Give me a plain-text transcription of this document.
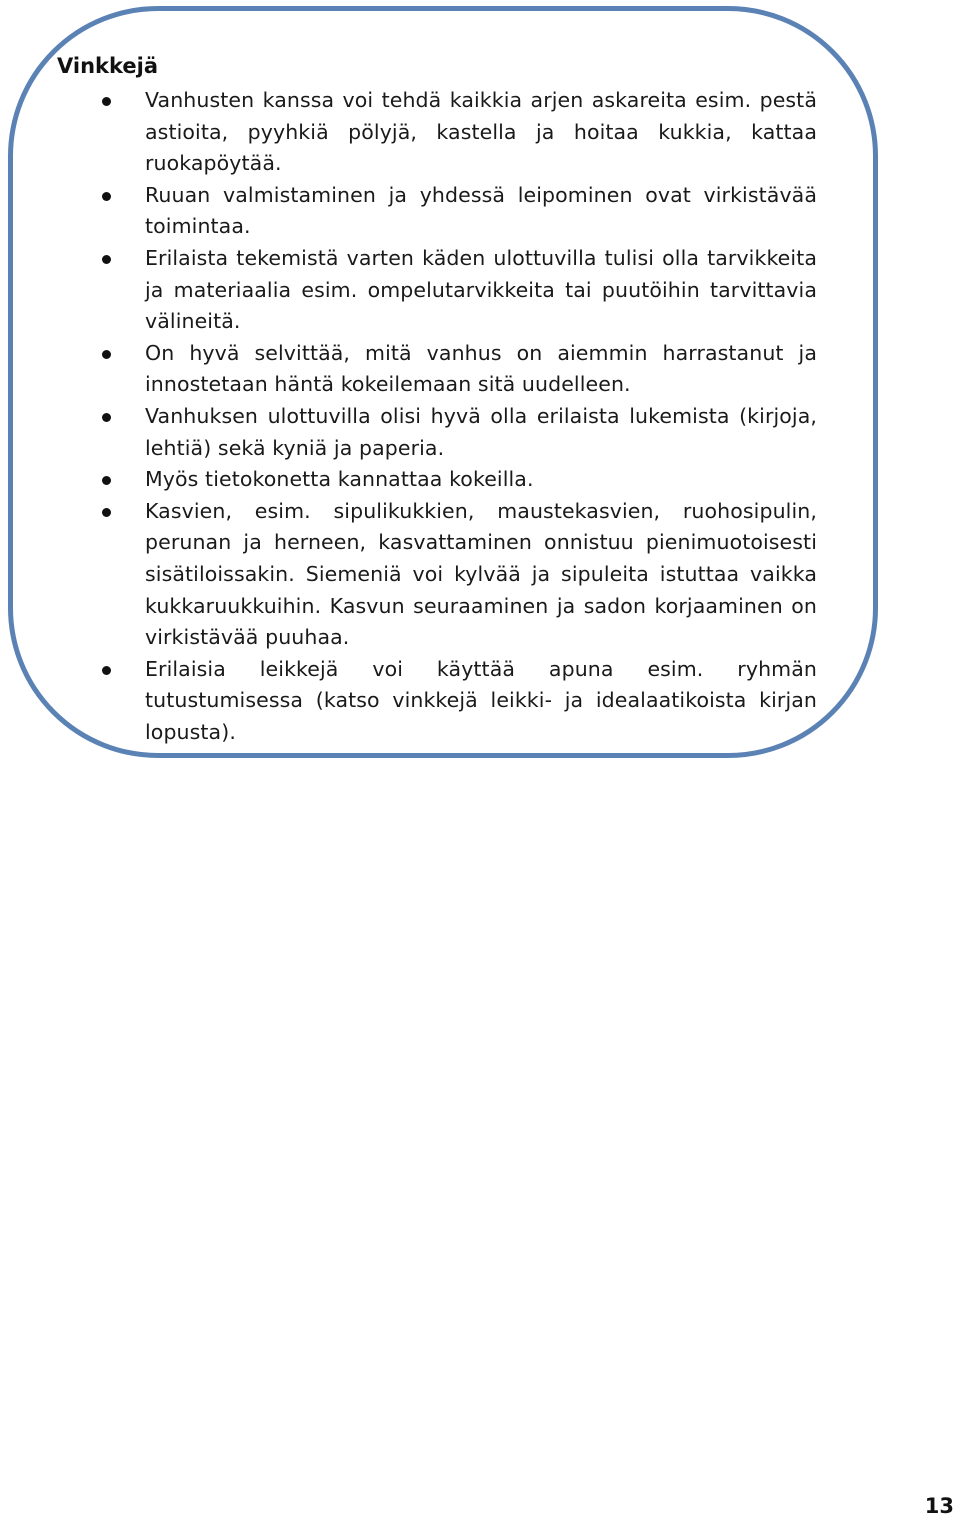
Vinkkejä
Vanhusten kanssa voi tehdä kaikkia arjen askareita esim. pestä astioita, pyyhkiä pölyjä, kastella ja hoitaa kukkia, kattaa ruokapöytää.
Ruuan valmistaminen ja yhdessä leipominen ovat virkistävää toimintaa.
Erilaista tekemistä varten käden ulottuvilla tulisi olla tarvikkeita ja materiaalia esim. ompelutarvikkeita tai puutöihin tarvittavia välineitä.
On hyvä selvittää, mitä vanhus on aiemmin harrastanut ja innostetaan häntä kokeilemaan sitä uudelleen.
Vanhuksen ulottuvilla olisi hyvä olla erilaista lukemista (kirjoja, lehtiä) sekä kyniä ja paperia.
Myös tietokonetta kannattaa kokeilla.
Kasvien, esim. sipulikukkien, maustekasvien, ruohosipulin, perunan ja herneen, kasvattaminen onnistuu pienimuotoisesti sisätiloissakin. Siemeniä voi kylvää ja sipuleita istuttaa vaikka kukkaruukkuihin. Kasvun seuraaminen ja sadon korjaaminen on virkistävää puuhaa.
Erilaisia leikkejä voi käyttää apuna esim. ryhmän tutustumisessa (katso vinkkejä leikki- ja idealaatikoista kirjan lopusta).
13
